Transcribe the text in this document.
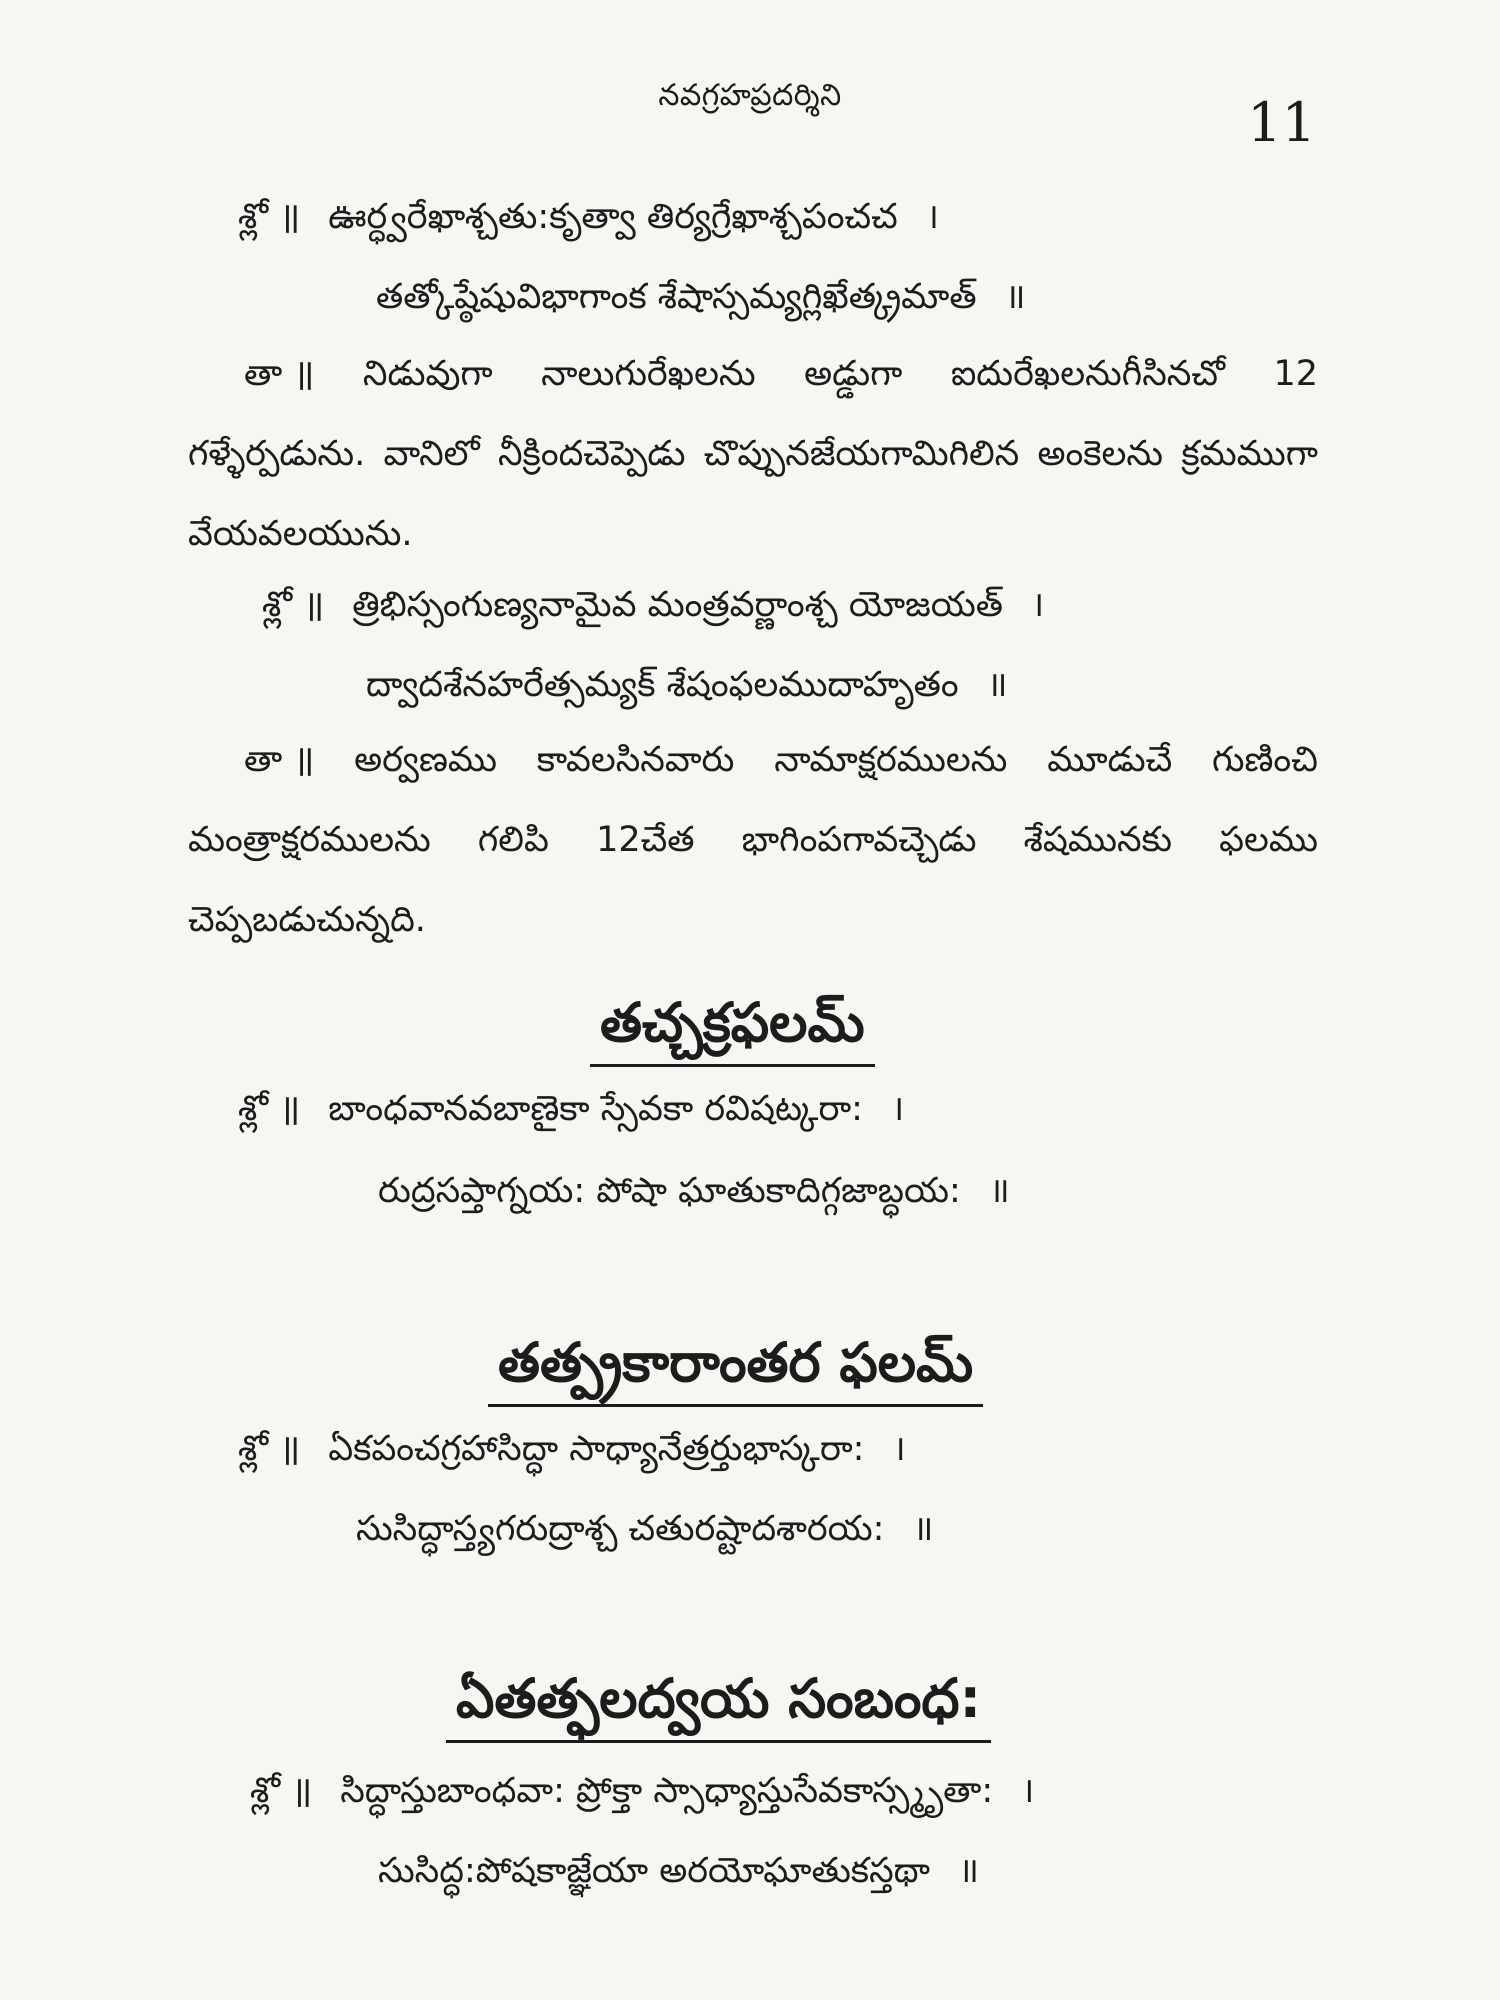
నవగ్రహప్రదర్శిని	11
శ్లో ॥ ఊర్ధ్వరేఖాశ్చతు:కృత్వా తిర్యగ్రేఖాశ్చపంచచ ।
తత్కోష్ఠేషువిభాగాంక శేషాస్సమ్యగ్లిఖేత్క్రమాత్ ॥
తా ॥ నిడువుగా నాలుగురేఖలను అడ్డుగా ఐదురేఖలనుగీసినచో 12 గళ్ళేర్పడును. వానిలో నీక్రిందచెప్పెడు చొప్పునజేయగామిగిలిన అంకెలను క్రమముగా వేయవలయును.
శ్లో ॥ త్రిభిస్సంగుణ్యనామైవ మంత్రవర్ణాంశ్చ యోజయత్ ।
ద్వాదశేనహరేత్సమ్యక్ శేషంఫలముదాహృతం ॥
తా ॥ అర్వణము కావలసినవారు నామాక్షరములను మూడుచే గుణించి మంత్రాక్షరములను గలిపి 12చేత భాగింపగావచ్చెడు శేషమునకు ఫలము చెప్పబడుచున్నది.
తచ్చక్రఫలమ్
శ్లో ॥ బాంధవానవబాణైకా స్సేవకా రవిషట్కరా: ।
రుద్రసప్తాగ్నయ: పోషా ఘాతుకాదిగ్గజాబ్ధయ: ॥
తత్ప్రకారాంతర ఫలమ్
శ్లో ॥ ఏకపంచగ్రహాసిద్ధా సాధ్యానేత్రర్తుభాస్కరా: ।
సుసిద్ధాస్త్యగరుద్రాశ్చ చతురష్టాదశారయ: ॥
ఏతత్ఫలద్వయ సంబంధ:
శ్లో ॥ సిద్ధాస్తుబాంధవా: ప్రోక్తా స్సాధ్యాస్తుసేవకాస్స్మృతా: ।
సుసిద్ధ:పోషకాజ్ఞేయా అరయోఘాతుకస్తథా ॥
